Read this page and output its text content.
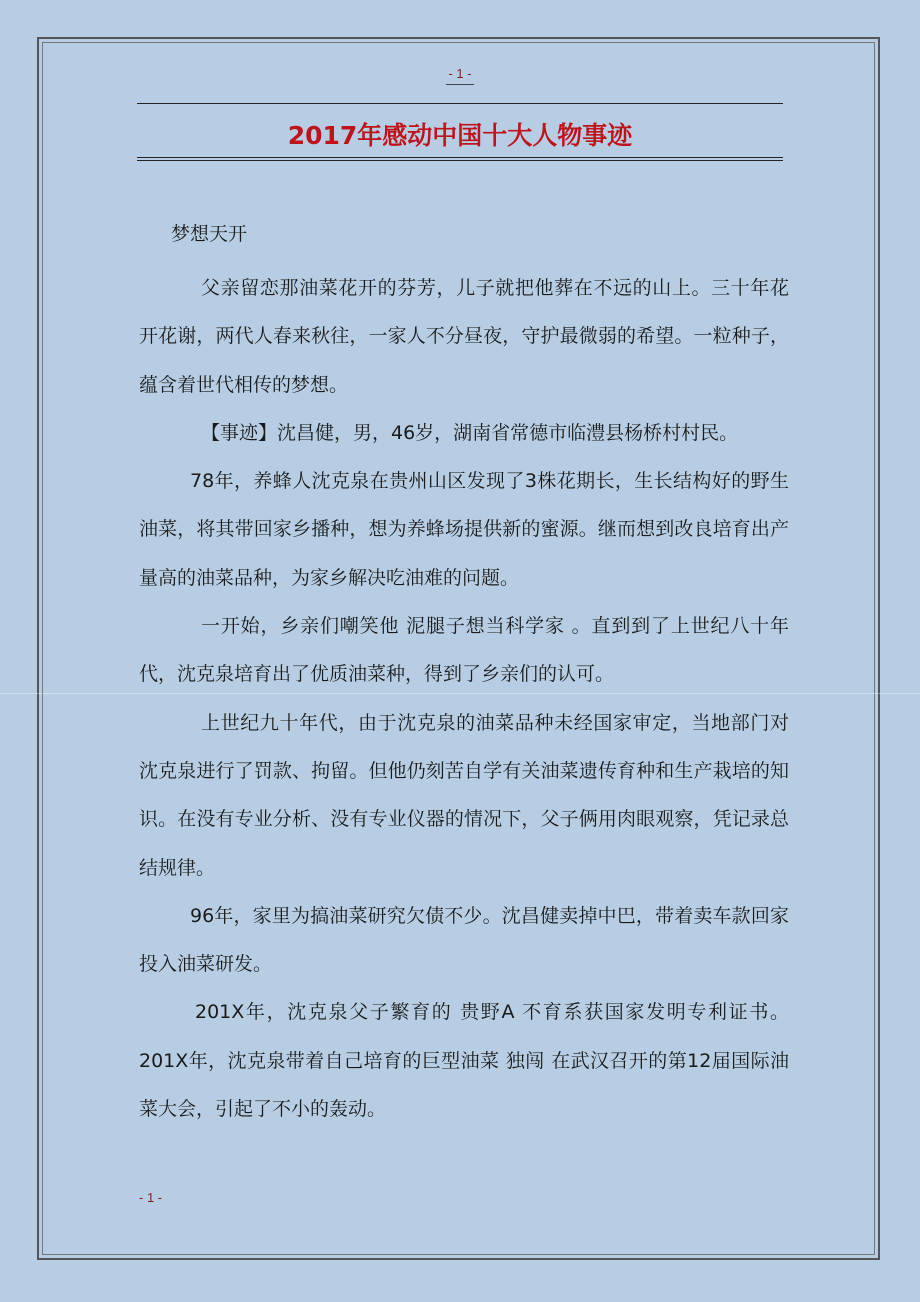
- 1 -
2017年感动中国十大人物事迹
梦想天开

父亲留恋那油菜花开的芬芳，儿子就把他葬在不远的山上。三十年花开花谢，两代人春来秋往，一家人不分昼夜，守护最微弱的希望。一粒种子，蕴含着世代相传的梦想。

【事迹】沈昌健，男，46岁，湖南省常德市临澧县杨桥村村民。

78年，养蜂人沈克泉在贵州山区发现了3株花期长，生长结构好的野生油菜，将其带回家乡播种，想为养蜂场提供新的蜜源。继而想到改良培育出产量高的油菜品种，为家乡解决吃油难的问题。

一开始，乡亲们嘲笑他 泥腿子想当科学家 。直到到了上世纪八十年代，沈克泉培育出了优质油菜种，得到了乡亲们的认可。

上世纪九十年代，由于沈克泉的油菜品种未经国家审定，当地部门对沈克泉进行了罚款、拘留。但他仍刻苦自学有关油菜遗传育种和生产栽培的知识。在没有专业分析、没有专业仪器的情况下，父子俩用肉眼观察，凭记录总结规律。

96年，家里为搞油菜研究欠债不少。沈昌健卖掉中巴，带着卖车款回家投入油菜研发。

201X年，沈克泉父子繁育的 贵野A 不育系获国家发明专利证书。201X年，沈克泉带着自己培育的巨型油菜 独闯 在武汉召开的第12届国际油菜大会，引起了不小的轰动。

- 1 -
